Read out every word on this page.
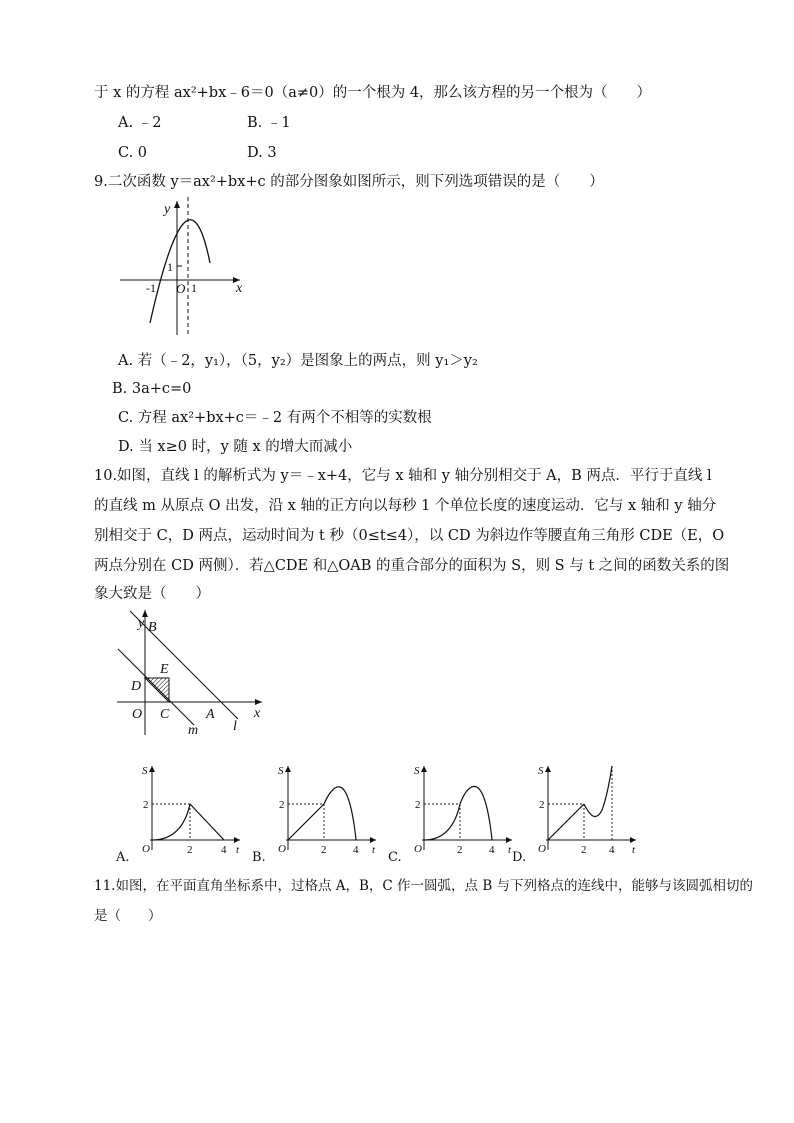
于 x 的方程 ax²+bx﹣6＝0（a≠0）的一个根为 4，那么该方程的另一个根为（　　）
A. ﹣2	B. ﹣1
C. 0	D. 3
9.二次函数 y＝ax²+bx+c 的部分图象如图所示，则下列选项错误的是（　　）
y
x
O
-1	1
1
A. 若（﹣2，y₁），（5，y₂）是图象上的两点，则 y₁＞y₂
B. 3a+c=0
C. 方程 ax²+bx+c＝﹣2 有两个不相等的实数根
D. 当 x≥0 时，y 随 x 的增大而减小
10.如图，直线 l 的解析式为 y＝﹣x+4，它与 x 轴和 y 轴分别相交于 A，B 两点．平行于直线 l
的直线 m 从原点 O 出发，沿 x 轴的正方向以每秒 1 个单位长度的速度运动．它与 x 轴和 y 轴分
别相交于 C，D 两点，运动时间为 t 秒（0≤t≤4），以 CD 为斜边作等腰直角三角形 CDE（E，O
两点分别在 CD 两侧）．若△CDE 和△OAB 的重合部分的面积为 S，则 S 与 t 之间的函数关系的图
象大致是（　　）
y
x
B
E
D
O C	A
l
m
S
t
O
2
2	4
A.
S
t
O
2
2 4
B.
S
t
O
2
2 4
C.
S
t
O
2
2 4
D.
11.如图，在平面直角坐标系中，过格点 A，B，C 作一圆弧，点 B 与下列格点的连线中，能够与该圆弧相切的
是（　　）
